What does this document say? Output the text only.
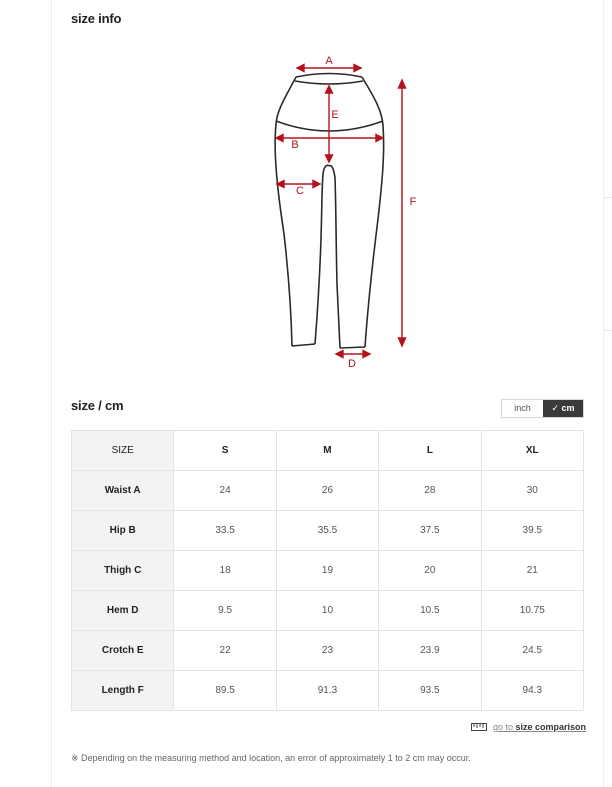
size info
A
E
B
C
D
F
size / cm	inch	✓ cm
SIZE	S	M	L	XL
Waist A	24	26	28	30
Hip B	33.5	35.5	37.5	39.5
Thigh C	18	19	20	21
Hem D	9.5	10	10.5	10.75
Crotch E	22	23	23.9	24.5
Length F	89.5	91.3	93.5	94.3
go to size comparison
※ Depending on the measuring method and location, an error of approximately 1 to 2 cm may occur.
